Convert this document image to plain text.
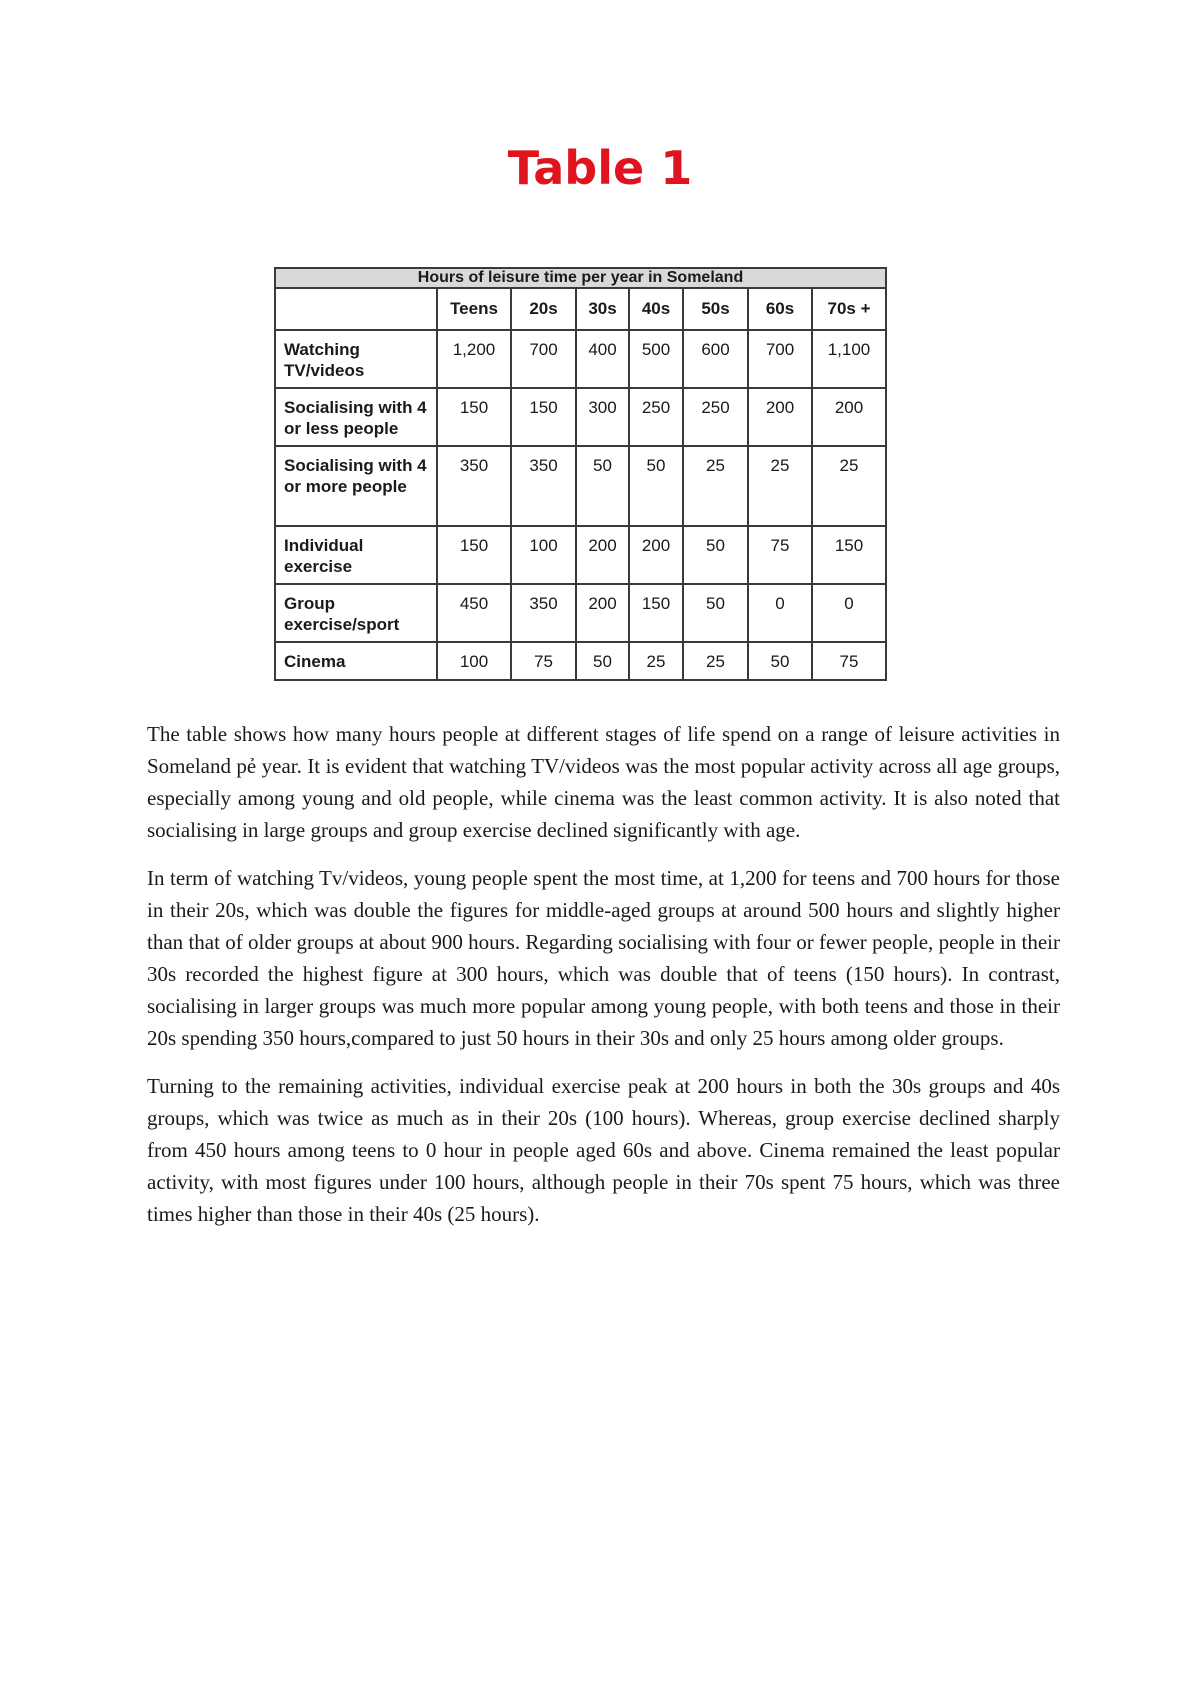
Table 1
Hours of leisure time per year in Someland							
	Teens	20s	30s	40s	50s	60s	70s +
Watching TV/videos	1,200	700	400	500	600	700	1,100
Socialising with 4 or less people	150	150	300	250	250	200	200
Socialising with 4 or more people	350	350	50	50	25	25	25
Individual exercise	150	100	200	200	50	75	150
Group exercise/sport	450	350	200	150	50	0	0
Cinema	100	75	50	25	25	50	75

The table shows how many hours people at different stages of life spend on a range of leisure activities in Someland pẻ year. It is evident that watching TV/videos was the most popular activity across all age groups, especially among young and old people, while cinema was the least common activity. It is also noted that socialising in large groups and group exercise declined significantly with age.

In term of watching Tv/videos, young people spent the most time, at 1,200 for teens and 700 hours for those in their 20s, which was double the figures for middle-aged groups at around 500 hours and slightly higher than that of older groups at about 900 hours. Regarding socialising with four or fewer people, people in their 30s recorded the highest figure at 300 hours, which was double that of teens (150 hours). In contrast, socialising in larger groups was much more popular among young people, with both teens and those in their 20s spending 350 hours,compared to just 50 hours in their 30s and only 25 hours among older groups.

Turning to the remaining activities, individual exercise peak at 200 hours in both the 30s groups and 40s groups, which was twice as much as in their 20s (100 hours). Whereas, group exercise declined sharply from 450 hours among teens to 0 hour in people aged 60s and above. Cinema remained the least popular activity, with most figures under 100 hours, although people in their 70s spent 75 hours, which was three times higher than those in their 40s (25 hours).
